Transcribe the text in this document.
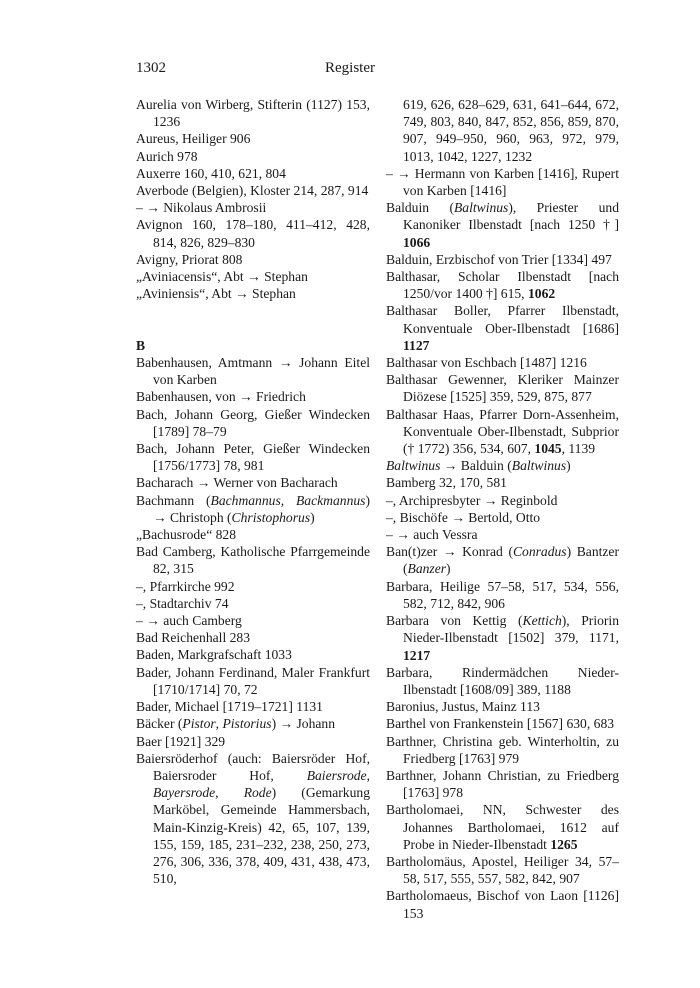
1302	Register

Aurelia von Wirberg, Stifterin (1127) 153, 1236

Aureus, Heiliger 906

Aurich 978

Auxerre 160, 410, 621, 804

Averbode (Belgien), Kloster 214, 287, 914

– → Nikolaus Ambrosii

Avignon 160, 178–180, 411–412, 428, 814, 826, 829–830

Avigny, Priorat 808

„Aviniacensis“, Abt → Stephan

„Aviniensis“, Abt → Stephan

B

Babenhausen, Amtmann → Johann Eitel von Karben

Babenhausen, von → Friedrich

Bach, Johann Georg, Gießer Windecken [1789] 78–79

Bach, Johann Peter, Gießer Windecken [1756/1773] 78, 981

Bacharach → Werner von Bacharach

Bachmann (Bachmannus, Backmannus) → Christoph (Christophorus)

„Bachusrode“ 828

Bad Camberg, Katholische Pfarrgemeinde 82, 315

–, Pfarrkirche 992

–, Stadtarchiv 74

– → auch Camberg

Bad Reichenhall 283

Baden, Markgrafschaft 1033

Bader, Johann Ferdinand, Maler Frankfurt [1710/1714] 70, 72

Bader, Michael [1719–1721] 1131

Bäcker (Pistor, Pistorius) → Johann

Baer [1921] 329

Baiersröderhof (auch: Baiersröder Hof, Baiersroder Hof, Baiersrode, Bayersrode, Rode) (Gemarkung Marköbel, Gemeinde Hammersbach, Main-Kinzig-Kreis) 42, 65, 107, 139, 155, 159, 185, 231–232, 238, 250, 273, 276, 306, 336, 378, 409, 431, 438, 473, 510,

619, 626, 628–629, 631, 641–644, 672, 749, 803, 840, 847, 852, 856, 859, 870, 907, 949–950, 960, 963, 972, 979, 1013, 1042, 1227, 1232

– → Hermann von Karben [1416], Rupert von Karben [1416]

Balduin (Baltwinus), Priester und Kanoniker Ilbenstadt [nach 1250 †] 1066

Balduin, Erzbischof von Trier [1334] 497

Balthasar, Scholar Ilbenstadt [nach 1250/vor 1400 †] 615, 1062

Balthasar Boller, Pfarrer Ilbenstadt, Konventuale Ober-Ilbenstadt [1686] 1127

Balthasar von Eschbach [1487] 1216

Balthasar Gewenner, Kleriker Mainzer Diözese [1525] 359, 529, 875, 877

Balthasar Haas, Pfarrer Dorn-Assenheim, Konventuale Ober-Ilbenstadt, Subprior († 1772) 356, 534, 607, 1045, 1139

Baltwinus → Balduin (Baltwinus)

Bamberg 32, 170, 581

–, Archipresbyter → Reginbold

–, Bischöfe → Bertold, Otto

– → auch Vessra

Ban(t)zer → Konrad (Conradus) Bantzer (Banzer)

Barbara, Heilige 57–58, 517, 534, 556, 582, 712, 842, 906

Barbara von Kettig (Kettich), Priorin Nieder-Ilbenstadt [1502] 379, 1171, 1217

Barbara, Rindermädchen Nieder-Ilbenstadt [1608/09] 389, 1188

Baronius, Justus, Mainz 113

Barthel von Frankenstein [1567] 630, 683

Barthner, Christina geb. Winterholtin, zu Friedberg [1763] 979

Barthner, Johann Christian, zu Friedberg [1763] 978

Bartholomaei, NN, Schwester des Johannes Bartholomaei, 1612 auf Probe in Nieder-Ilbenstadt 1265

Bartholomäus, Apostel, Heiliger 34, 57–58, 517, 555, 557, 582, 842, 907

Bartholomaeus, Bischof von Laon [1126] 153
